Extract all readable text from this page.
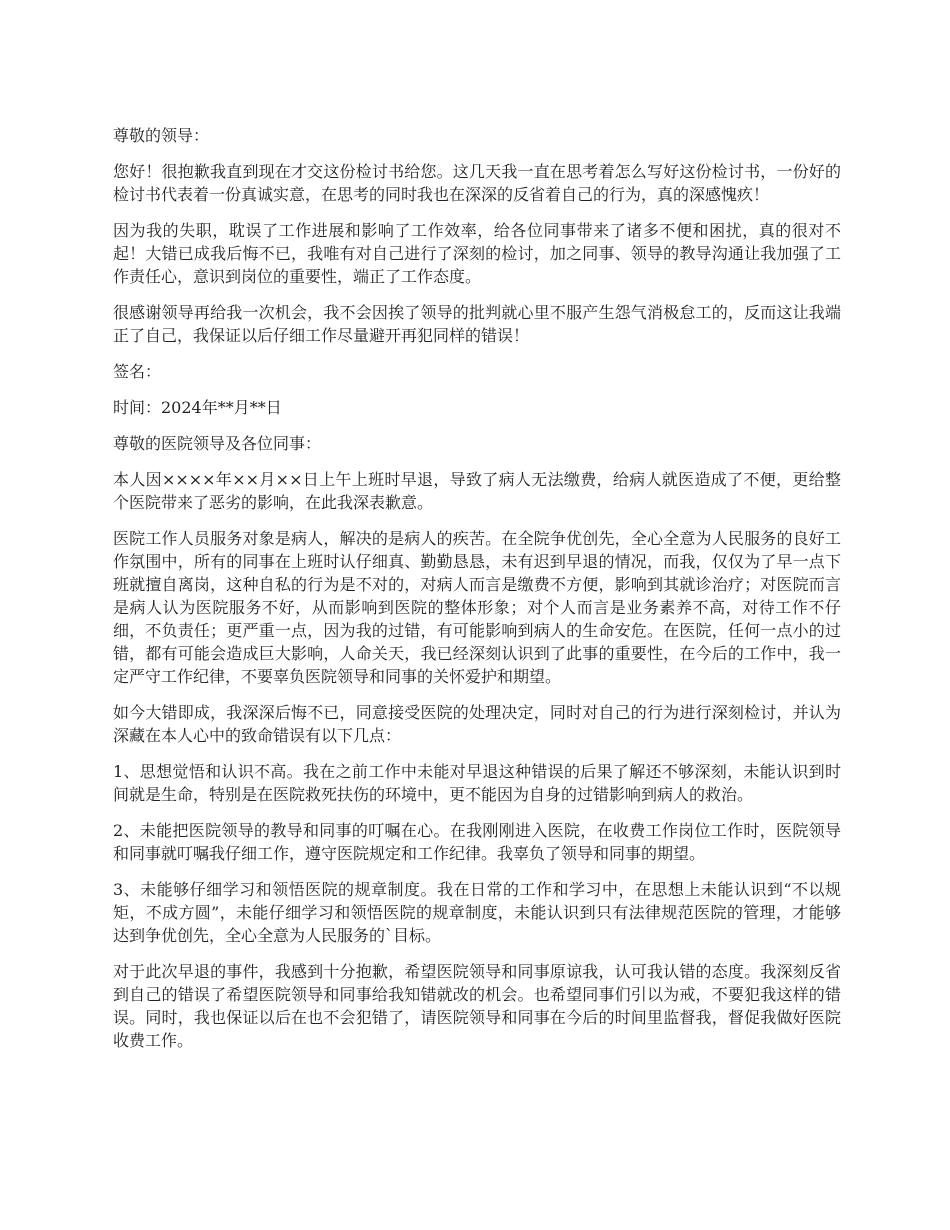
尊敬的领导：

您好！很抱歉我直到现在才交这份检讨书给您。这几天我一直在思考着怎么写好这份检讨书，一份好的检讨书代表着一份真诚实意，在思考的同时我也在深深的反省着自己的行为，真的深感愧疚！

因为我的失职，耽误了工作进展和影响了工作效率，给各位同事带来了诸多不便和困扰，真的很对不起！大错已成我后悔不已，我唯有对自己进行了深刻的检讨，加之同事、领导的教导沟通让我加强了工作责任心，意识到岗位的重要性，端正了工作态度。

很感谢领导再给我一次机会，我不会因挨了领导的批判就心里不服产生怨气消极怠工的，反而这让我端正了自己，我保证以后仔细工作尽量避开再犯同样的错误！

签名：

时间：2024年**月**日

尊敬的医院领导及各位同事：

本人因××××年××月××日上午上班时早退，导致了病人无法缴费，给病人就医造成了不便，更给整个医院带来了恶劣的影响，在此我深表歉意。

医院工作人员服务对象是病人，解决的是病人的疾苦。在全院争优创先，全心全意为人民服务的良好工作氛围中，所有的同事在上班时认仔细真、勤勤恳恳，未有迟到早退的情况，而我，仅仅为了早一点下班就擅自离岗，这种自私的行为是不对的，对病人而言是缴费不方便，影响到其就诊治疗；对医院而言是病人认为医院服务不好，从而影响到医院的整体形象；对个人而言是业务素养不高，对待工作不仔细，不负责任；更严重一点，因为我的过错，有可能影响到病人的生命安危。在医院，任何一点小的过错，都有可能会造成巨大影响，人命关天，我已经深刻认识到了此事的重要性，在今后的工作中，我一定严守工作纪律，不要辜负医院领导和同事的关怀爱护和期望。

如今大错即成，我深深后悔不已，同意接受医院的处理决定，同时对自己的行为进行深刻检讨，并认为深藏在本人心中的致命错误有以下几点：

1、思想觉悟和认识不高。我在之前工作中未能对早退这种错误的后果了解还不够深刻，未能认识到时间就是生命，特别是在医院救死扶伤的环境中，更不能因为自身的过错影响到病人的救治。

2、未能把医院领导的教导和同事的叮嘱在心。在我刚刚进入医院，在收费工作岗位工作时，医院领导和同事就叮嘱我仔细工作，遵守医院规定和工作纪律。我辜负了领导和同事的期望。

3、未能够仔细学习和领悟医院的规章制度。我在日常的工作和学习中，在思想上未能认识到“不以规矩，不成方圆”，未能仔细学习和领悟医院的规章制度，未能认识到只有法律规范医院的管理，才能够达到争优创先，全心全意为人民服务的`目标。

对于此次早退的事件，我感到十分抱歉，希望医院领导和同事原谅我，认可我认错的态度。我深刻反省到自己的错误了希望医院领导和同事给我知错就改的机会。也希望同事们引以为戒，不要犯我这样的错误。同时，我也保证以后在也不会犯错了，请医院领导和同事在今后的时间里监督我，督促我做好医院收费工作。
